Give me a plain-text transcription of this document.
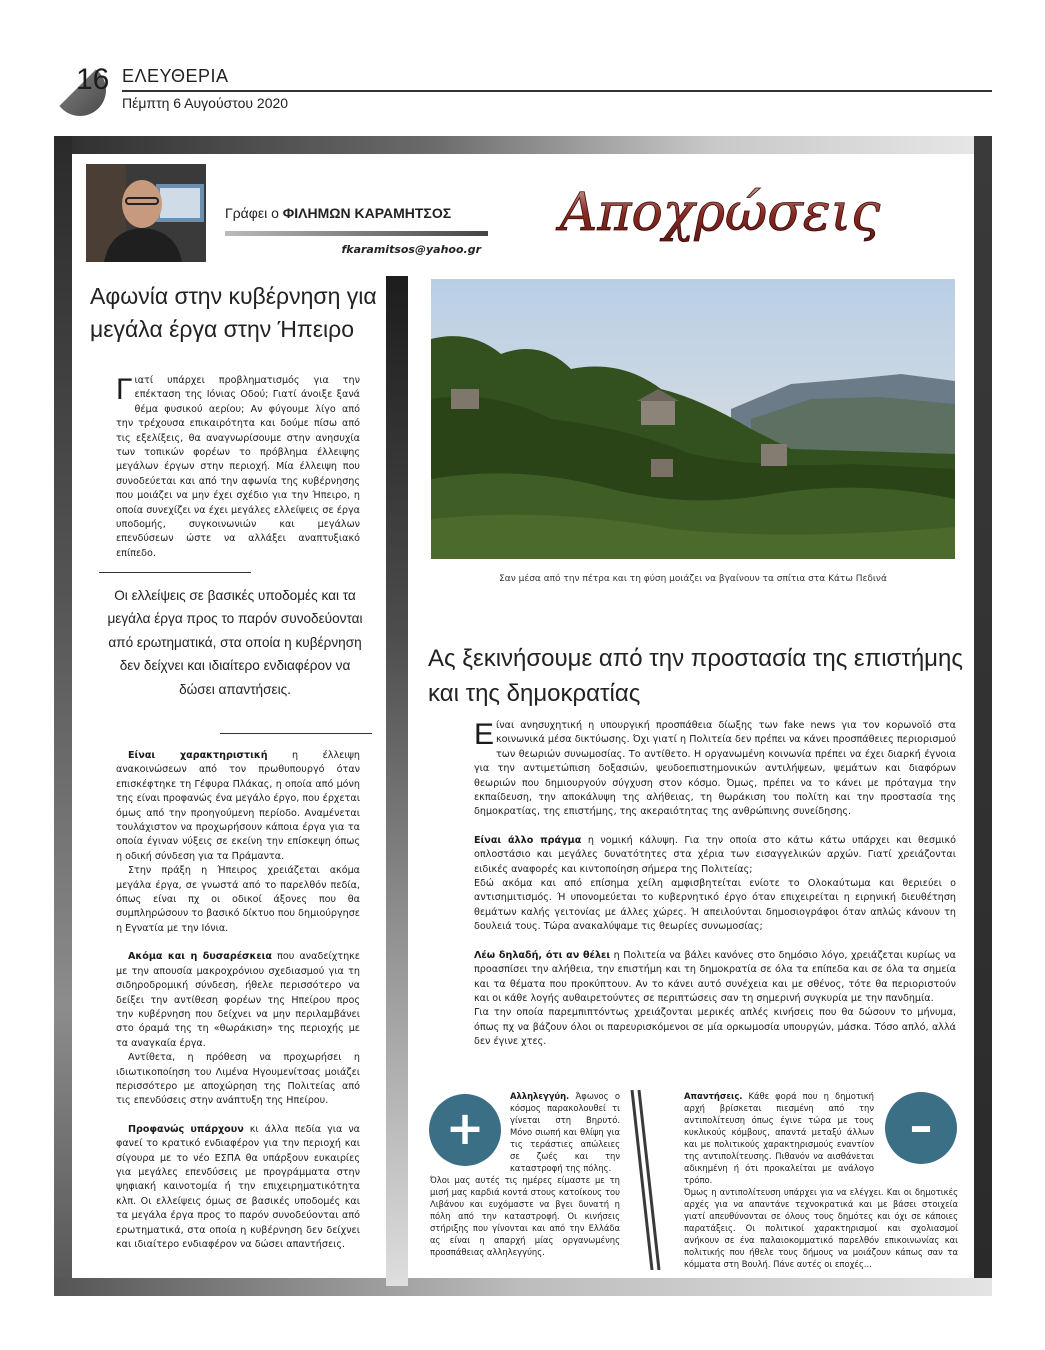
16 ΕΛΕΥΘΕΡΙΑ
Πέμπτη 6 Αυγούστου 2020
Γράφει ο ΦΙΛΗΜΩΝ ΚΑΡΑΜΗΤΣΟΣ
fkaramitsos@yahoo.gr
Αποχρώσεις
Αφωνία στην κυβέρνηση για μεγάλα έργα στην Ήπειρο

Γιατί υπάρχει προβληματισμός για την επέκταση της Ιόνιας Οδού; Γιατί άνοιξε ξανά θέμα φυσικού αερίου; Αν φύγουμε λίγο από την τρέχουσα επικαιρότητα και δούμε πίσω από τις εξελίξεις, θα αναγνωρίσουμε στην ανησυχία των τοπικών φορέων το πρόβλημα έλλειψης μεγάλων έργων στην περιοχή. Μία έλλειψη που συνοδεύεται και από την αφωνία της κυβέρνησης που μοιάζει να μην έχει σχέδιο για την Ήπειρο, η οποία συνεχίζει να έχει μεγάλες ελλείψεις σε έργα υποδομής, συγκοινωνιών και μεγάλων επενδύσεων ώστε να αλλάξει αναπτυξιακό επίπεδο.

Οι ελλείψεις σε βασικές υποδομές και τα μεγάλα έργα προς το παρόν συνοδεύονται από ερωτηματικά, στα οποία η κυβέρνηση δεν δείχνει και ιδιαίτερο ενδιαφέρον να δώσει απαντήσεις.

Είναι χαρακτηριστική η έλλειψη ανακοινώσεων από τον πρωθυπουργό όταν επισκέφτηκε τη Γέφυρα Πλάκας, η οποία από μόνη της είναι προφανώς ένα μεγάλο έργο, που έρχεται όμως από την προηγούμενη περίοδο. Αναμένεται τουλάχιστον να προχωρήσουν κάποια έργα για τα οποία έγιναν νύξεις σε εκείνη την επίσκεψη όπως η οδική σύνδεση για τα Πράμαντα.

Στην πράξη η Ήπειρος χρειάζεται ακόμα μεγάλα έργα, σε γνωστά από το παρελθόν πεδία, όπως είναι πχ οι οδικοί άξονες που θα συμπληρώσουν το βασικό δίκτυο που δημιούργησε η Εγνατία με την Ιόνια.

Ακόμα και η δυσαρέσκεια που αναδείχτηκε με την απουσία μακροχρόνιου σχεδιασμού για τη σιδηροδρομική σύνδεση, ήθελε περισσότερο να δείξει την αντίθεση φορέων της Ηπείρου προς την κυβέρνηση που δείχνει να μην περιλαμβάνει στο όραμά της τη «θωράκιση» της περιοχής με τα αναγκαία έργα.

Αντίθετα, η πρόθεση να προχωρήσει η ιδιωτικοποίηση του Λιμένα Ηγουμενίτσας μοιάζει περισσότερο με αποχώρηση της Πολιτείας από τις επενδύσεις στην ανάπτυξη της Ηπείρου.

Προφανώς υπάρχουν κι άλλα πεδία για να φανεί το κρατικό ενδιαφέρον για την περιοχή και σίγουρα με το νέο ΕΣΠΑ θα υπάρξουν ευκαιρίες για μεγάλες επενδύσεις με προγράμματα στην ψηφιακή καινοτομία ή την επιχειρηματικότητα κλπ. Οι ελλείψεις όμως σε βασικές υποδομές και τα μεγάλα έργα προς το παρόν συνοδεύονται από ερωτηματικά, στα οποία η κυβέρνηση δεν δείχνει και ιδιαίτερο ενδιαφέρον να δώσει απαντήσεις.

Σαν μέσα από την πέτρα και τη φύση μοιάζει να βγαίνουν τα σπίτια στα Κάτω Πεδινά
Ας ξεκινήσουμε από την προστασία της επιστήμης και της δημοκρατίας

Είναι ανησυχητική η υπουργική προσπάθεια δίωξης των fake news για τον κορωνοϊό στα κοινωνικά μέσα δικτύωσης. Όχι γιατί η Πολιτεία δεν πρέπει να κάνει προσπάθειες περιορισμού των θεωριών συνωμοσίας. Το αντίθετο. Η οργανωμένη κοινωνία πρέπει να έχει διαρκή έγνοια για την αντιμετώπιση δοξασιών, ψευδοεπιστημονικών αντιλήψεων, ψεμάτων και διαφόρων θεωριών που δημιουργούν σύγχυση στον κόσμο. Όμως, πρέπει να το κάνει με πρόταγμα την εκπαίδευση, την αποκάλυψη της αλήθειας, τη θωράκιση του πολίτη και την προστασία της δημοκρατίας, της επιστήμης, της ακεραιότητας της ανθρώπινης συνείδησης.

Είναι άλλο πράγμα η νομική κάλυψη. Για την οποία στο κάτω κάτω υπάρχει και θεσμικό οπλοστάσιο και μεγάλες δυνατότητες στα χέρια των εισαγγελικών αρχών. Γιατί χρειάζονται ειδικές αναφορές και κιντοποίηση σήμερα της Πολιτείας;

Εδώ ακόμα και από επίσημα χείλη αμφισβητείται ενίοτε το Ολοκαύτωμα και θεριεύει ο αντισημιτισμός. Ή υπονομεύεται το κυβερνητικό έργο όταν επιχειρείται η ειρηνική διευθέτηση θεμάτων καλής γειτονίας με άλλες χώρες. Ή απειλούνται δημοσιογράφοι όταν απλώς κάνουν τη δουλειά τους. Τώρα ανακαλύψαμε τις θεωρίες συνωμοσίας;

Λέω δηλαδή, ότι αν θέλει η Πολιτεία να βάλει κανόνες στο δημόσιο λόγο, χρειάζεται κυρίως να προασπίσει την αλήθεια, την επιστήμη και τη δημοκρατία σε όλα τα επίπεδα και σε όλα τα σημεία και τα θέματα που προκύπτουν. Αν το κάνει αυτό συνέχεια και με σθένος, τότε θα περιοριστούν και οι κάθε λογής αυθαιρετούντες σε περιπτώσεις σαν τη σημερινή συγκυρία με την πανδημία.

Για την οποία παρεμπιπτόντως χρειάζονται μερικές απλές κινήσεις που θα δώσουν το μήνυμα, όπως πχ να βάζουν όλοι οι παρευρισκόμενοι σε μία ορκωμοσία υπουργών, μάσκα. Τόσο απλό, αλλά δεν έγινε χτες.

+
Αλληλεγγύη. Άφωνος ο κόσμος παρακολουθεί τι γίνεται στη Βηρυτό. Μόνο σιωπή και θλίψη για τις τεράστιες απώλειες σε ζωές και την καταστροφή της πόλης.
Όλοι μας αυτές τις ημέρες είμαστε με τη μισή μας καρδιά κοντά στους κατοίκους του Λιβάνου και ευχόμαστε να βγει δυνατή η πόλη από την καταστροφή. Οι κινήσεις στήριξης που γίνονται και από την Ελλάδα ας είναι η απαρχή μίας οργανωμένης προσπάθειας αλληλεγγύης.
Απαντήσεις. Κάθε φορά που η δημοτική αρχή βρίσκεται πιεσμένη από την αντιπολίτευση όπως έγινε τώρα με τους κυκλικούς κόμβους, απαντά μεταξύ άλλων και με πολιτικούς χαρακτηρισμούς εναντίον της αντιπολίτευσης. Πιθανόν να αισθάνεται αδικημένη ή ότι προκαλείται με ανάλογο τρόπο.
–
Όμως η αντιπολίτευση υπάρχει για να ελέγχει. Και οι δημοτικές αρχές για να απαντάνε τεχνοκρατικά και με βάσει στοιχεία γιατί απευθύνονται σε όλους τους δημότες και όχι σε κάποιες παρατάξεις. Οι πολιτικοί χαρακτηρισμοί και σχολιασμοί ανήκουν σε ένα παλαιοκομματικό παρελθόν επικοινωνίας και πολιτικής που ήθελε τους δήμους να μοιάζουν κάπως σαν τα κόμματα στη Βουλή. Πάνε αυτές οι εποχές...
